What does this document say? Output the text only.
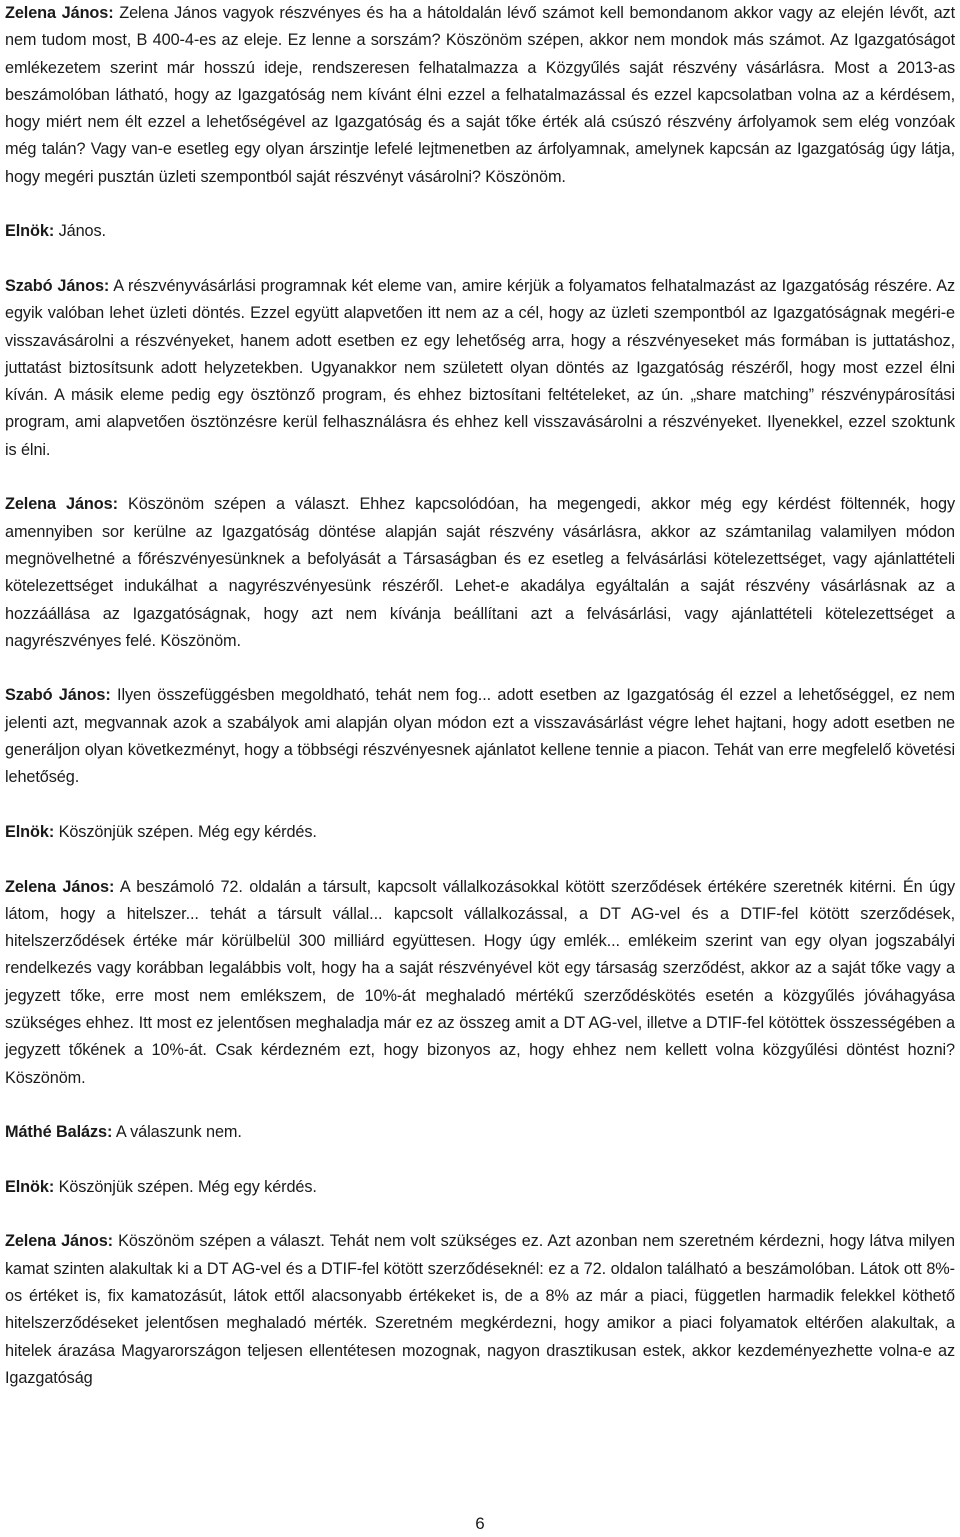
Zelena János: Zelena János vagyok részvényes és ha a hátoldalán lévő számot kell bemondanom akkor vagy az elején lévőt, azt nem tudom most, B 400-4-es az eleje. Ez lenne a sorszám? Köszönöm szépen, akkor nem mondok más számot. Az Igazgatóságot emlékezetem szerint már hosszú ideje, rendszeresen felhatalmazza a Közgyűlés saját részvény vásárlásra. Most a 2013-as beszámolóban látható, hogy az Igazgatóság nem kívánt élni ezzel a felhatalmazással és ezzel kapcsolatban volna az a kérdésem, hogy miért nem élt ezzel a lehetőségével az Igazgatóság és a saját tőke érték alá csúszó részvény árfolyamok sem elég vonzóak még talán? Vagy van-e esetleg egy olyan árszintje lefelé lejtmenetben az árfolyamnak, amelynek kapcsán az Igazgatóság úgy látja, hogy megéri pusztán üzleti szempontból saját részvényt vásárolni? Köszönöm.

Elnök: János.

Szabó János: A részvényvásárlási programnak két eleme van, amire kérjük a folyamatos felhatalmazást az Igazgatóság részére. Az egyik valóban lehet üzleti döntés. Ezzel együtt alapvetően itt nem az a cél, hogy az üzleti szempontból az Igazgatóságnak megéri-e visszavásárolni a részvényeket, hanem adott esetben ez egy lehetőség arra, hogy a részvényeseket más formában is juttatáshoz, juttatást biztosítsunk adott helyzetekben. Ugyanakkor nem született olyan döntés az Igazgatóság részéről, hogy most ezzel élni kíván. A másik eleme pedig egy ösztönző program, és ehhez biztosítani feltételeket, az ún. „share matching” részvénypárosítási program, ami alapvetően ösztönzésre kerül felhasználásra és ehhez kell visszavásárolni a részvényeket. Ilyenekkel, ezzel szoktunk is élni.

Zelena János: Köszönöm szépen a választ. Ehhez kapcsolódóan, ha megengedi, akkor még egy kérdést föltennék, hogy amennyiben sor kerülne az Igazgatóság döntése alapján saját részvény vásárlásra, akkor az számtanilag valamilyen módon megnövelhetné a főrészvényesünknek a befolyását a Társaságban és ez esetleg a felvásárlási kötelezettséget, vagy ajánlattételi kötelezettséget indukálhat a nagyrészvényesünk részéről. Lehet-e akadálya egyáltalán a saját részvény vásárlásnak az a hozzáállása az Igazgatóságnak, hogy azt nem kívánja beállítani azt a felvásárlási, vagy ajánlattételi kötelezettséget a nagyrészvényes felé. Köszönöm.

Szabó János: Ilyen összefüggésben megoldható, tehát nem fog... adott esetben az Igazgatóság él ezzel a lehetőséggel, ez nem jelenti azt, megvannak azok a szabályok ami alapján olyan módon ezt a visszavásárlást végre lehet hajtani, hogy adott esetben ne generáljon olyan következményt, hogy a többségi részvényesnek ajánlatot kellene tennie a piacon. Tehát van erre megfelelő követési lehetőség.

Elnök: Köszönjük szépen. Még egy kérdés.

Zelena János: A beszámoló 72. oldalán a társult, kapcsolt vállalkozásokkal kötött szerződések értékére szeretnék kitérni. Én úgy látom, hogy a hitelszer... tehát a társult vállal... kapcsolt vállalkozással, a DT AG-vel és a DTIF-fel kötött szerződések, hitelszerződések értéke már körülbelül 300 milliárd együttesen. Hogy úgy emlék... emlékeim szerint van egy olyan jogszabályi rendelkezés vagy korábban legalábbis volt, hogy ha a saját részvényével köt egy társaság szerződést, akkor az a saját tőke vagy a jegyzett tőke, erre most nem emlékszem, de 10%-át meghaladó mértékű szerződéskötés esetén a közgyűlés jóváhagyása szükséges ehhez. Itt most ez jelentősen meghaladja már ez az összeg amit a DT AG-vel, illetve a DTIF-fel kötöttek összességében a jegyzett tőkének a 10%-át. Csak kérdezném ezt, hogy bizonyos az, hogy ehhez nem kellett volna közgyűlési döntést hozni? Köszönöm.

Máthé Balázs: A válaszunk nem.

Elnök: Köszönjük szépen. Még egy kérdés.

Zelena János: Köszönöm szépen a választ. Tehát nem volt szükséges ez. Azt azonban nem szeretném kérdezni, hogy látva milyen kamat szinten alakultak ki a DT AG-vel és a DTIF-fel kötött szerződéseknél: ez a 72. oldalon található a beszámolóban. Látok ott 8%-os értéket is, fix kamatozásút, látok ettől alacsonyabb értékeket is, de a 8% az már a piaci, független harmadik felekkel köthető hitelszerződéseket jelentősen meghaladó mérték. Szeretném megkérdezni, hogy amikor a piaci folyamatok eltérően alakultak, a hitelek árazása Magyarországon teljesen ellentétesen mozognak, nagyon drasztikusan estek, akkor kezdeményezhette volna-e az Igazgatóság

6
